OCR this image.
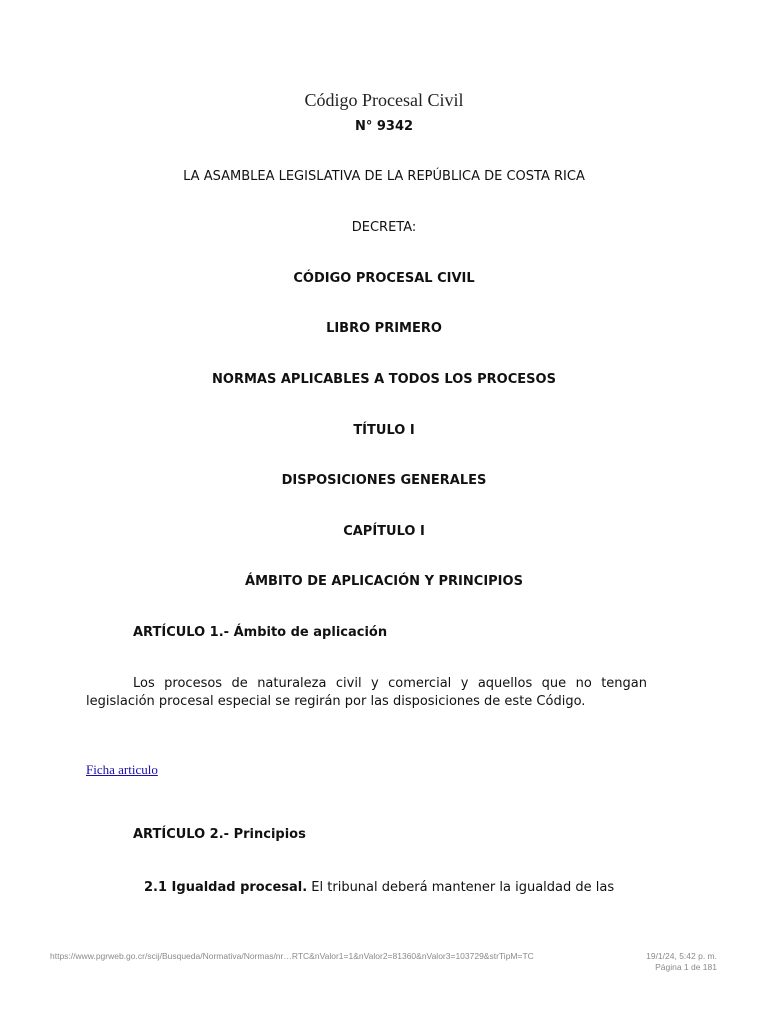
Código Procesal Civil
N° 9342
LA ASAMBLEA LEGISLATIVA DE LA REPÚBLICA DE COSTA RICA
DECRETA:
CÓDIGO PROCESAL CIVIL
LIBRO PRIMERO
NORMAS APLICABLES A TODOS LOS PROCESOS
TÍTULO I
DISPOSICIONES GENERALES
CAPÍTULO I
ÁMBITO DE APLICACIÓN Y PRINCIPIOS
ARTÍCULO 1.- Ámbito de aplicación
Los procesos de naturaleza civil y comercial y aquellos que no tengan legislación procesal especial se regirán por las disposiciones de este Código.
Ficha articulo
ARTÍCULO 2.- Principios
2.1 Igualdad procesal. El tribunal deberá mantener la igualdad de las
https://www.pgrweb.go.cr/scij/Busqueda/Normativa/Normas/nr…RTC&nValor1=1&nValor2=81360&nValor3=103729&strTipM=TC	19/1/24, 5:42 p. m.
Página 1 de 181
